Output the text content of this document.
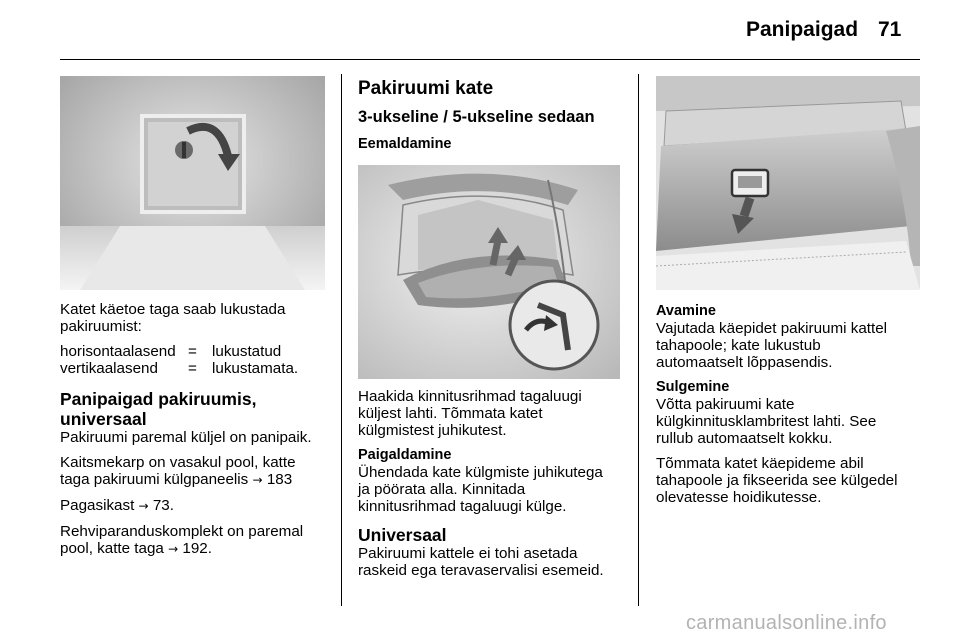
Panipaigad 71

Katet käetoe taga saab lukustada
pakiruumist:

horisontaalasend = lukustatud
vertikaalasend	= lukustamata.
Panipaigad pakiruumis,
universaal

Pakiruumi paremal küljel on panipaik.

Kaitsmekarp on vasakul pool, katte
taga pakiruumi külgpaneelis → 183

Pagasikast → 73.

Rehviparanduskomplekt on paremal
pool, katte taga → 192.

Pakiruumi kate
3-ukseline / 5-ukseline sedaan
Eemaldamine

Haakida kinnitusrihmad tagaluugi
küljest lahti. Tõmmata katet
külgmistest juhikutest.

Paigaldamine

Ühendada kate külgmiste juhikutega
ja pöörata alla. Kinnitada
kinnitusrihmad tagaluugi külge.

Universaal

Pakiruumi kattele ei tohi asetada
raskeid ega teravaservalisi esemeid.

Avamine

Vajutada käepidet pakiruumi kattel
tahapoole; kate lukustub
automaatselt lõppasendis.

Sulgemine

Võtta pakiruumi kate
külgkinnitusklambritest lahti. See
rullub automaatselt kokku.

Tõmmata katet käepideme abil
tahapoole ja fikseerida see külgedel
olevatesse hoidikutesse.

carmanualsonline.info
